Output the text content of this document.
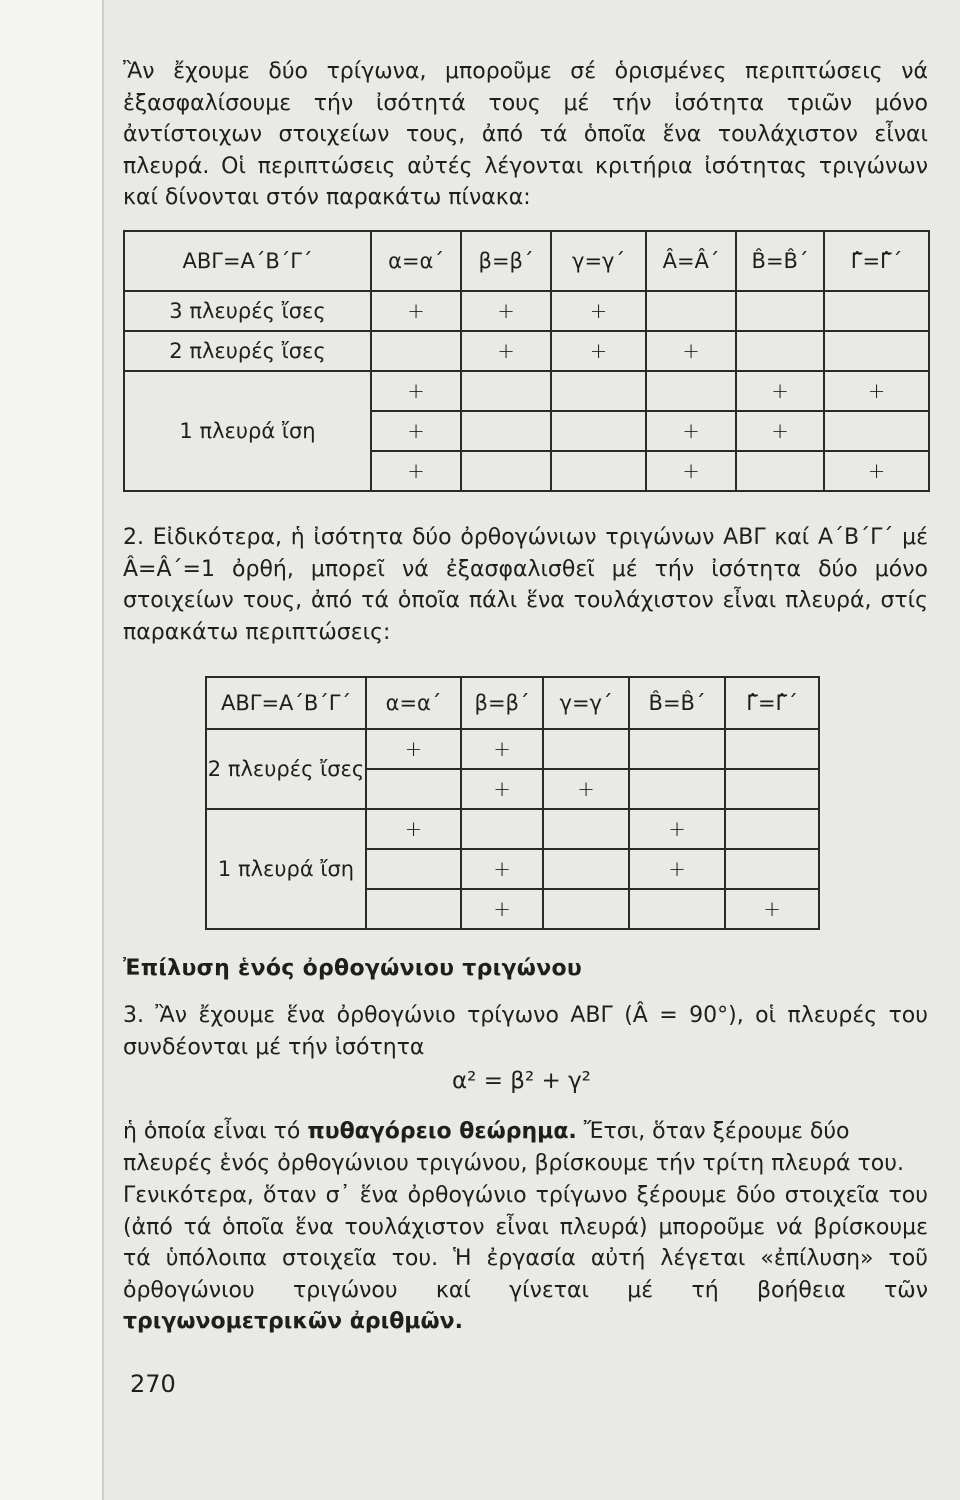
Ἂν ἔχουμε δύο τρίγωνα, μποροῦμε σέ ὁρισμένες περιπτώσεις νά ἐξασφαλίσουμε τήν ἰσότητά τους μέ τήν ἰσότητα τριῶν μόνο ἀντίστοιχων στοιχείων τους, ἀπό τά ὁποῖα ἕνα τουλάχιστον εἶναι πλευρά. Οἱ περιπτώσεις αὐτές λέγονται κριτήρια ἰσότητας τριγώνων καί δίνονται στόν παρακάτω πίνακα:
ΑΒΓ=Α΄Β΄Γ΄	α=α΄	β=β΄	γ=γ΄	Â=Â΄	B̂=B̂΄	Γ̂=Γ̂΄
3 πλευρές ἴσες	+	+	+			
2 πλευρές ἴσες		+	+	+		
1 πλευρά ἴση	+				+	+
	+			+	+	
	+			+		+
2. Εἰδικότερα, ἡ ἰσότητα δύο ὀρθογώνιων τριγώνων ΑΒΓ καί Α΄Β΄Γ΄ μέ Â=Â΄=1 ὀρθή, μπορεῖ νά ἐξασφαλισθεῖ μέ τήν ἰσότητα δύο μόνο στοιχείων τους, ἀπό τά ὁποῖα πάλι ἕνα τουλάχιστον εἶναι πλευρά, στίς παρακάτω περιπτώσεις:
ΑΒΓ=Α΄Β΄Γ΄	α=α΄	β=β΄	γ=γ΄	B̂=B̂΄	Γ̂=Γ̂΄
2 πλευρές ἴσες	+	+			
		+	+		
1 πλευρά ἴση	+			+	
		+		+	
		+			+
Ἐπίλυση ἑνός ὀρθογώνιου τριγώνου
3. Ἂν ἔχουμε ἕνα ὀρθογώνιο τρίγωνο ΑΒΓ (Â = 90°), οἱ πλευρές του συνδέονται μέ τήν ἰσότητα
α² = β² + γ²
ἡ ὁποία εἶναι τό πυθαγόρειο θεώρημα. Ἔτσι, ὅταν ξέρουμε δύο πλευρές ἑνός ὀρθογώνιου τριγώνου, βρίσκουμε τήν τρίτη πλευρά του.
Γενικότερα, ὅταν σ᾽ ἕνα ὀρθογώνιο τρίγωνο ξέρουμε δύο στοιχεῖα του (ἀπό τά ὁποῖα ἕνα τουλάχιστον εἶναι πλευρά) μποροῦμε νά βρίσκουμε τά ὑπόλοιπα στοιχεῖα του. Ἡ ἐργασία αὐτή λέγεται «ἐπίλυση» τοῦ ὀρθογώνιου τριγώνου καί γίνεται μέ τή βοήθεια τῶν τριγωνομετρικῶν ἀριθμῶν.
270
